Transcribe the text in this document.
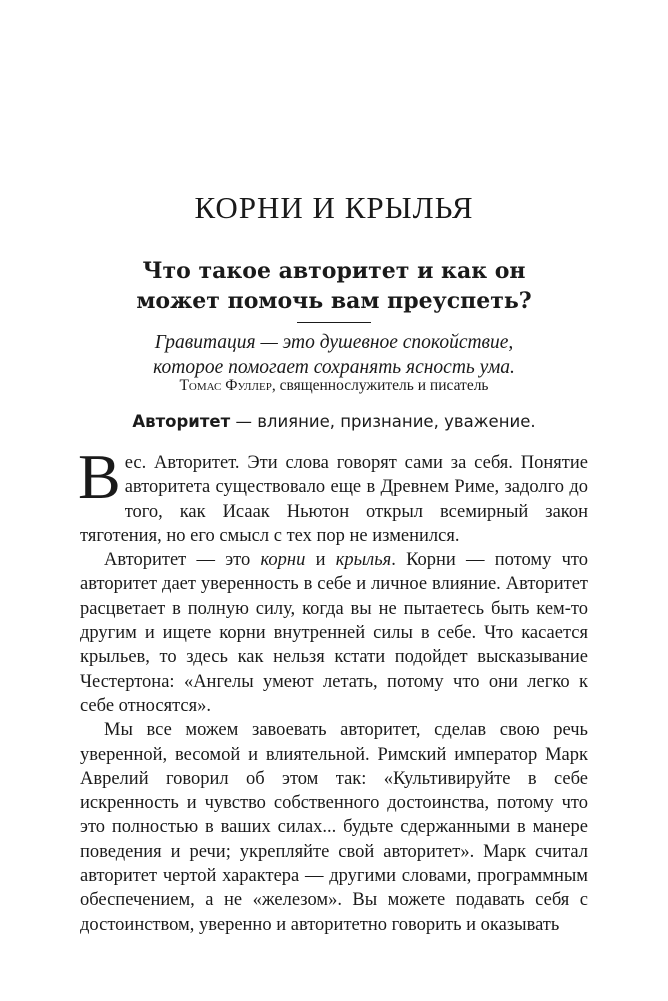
КОРНИ И КРЫЛЬЯ
Что такое авторитет и как он
может помочь вам преуспеть?
Гравитация — это душевное спокойствие,
которое помогает сохранять ясность ума.
Томас Фуллер, священнослужитель и писатель
Авторитет — влияние, признание, уважение.

Вес. Авторитет. Эти слова говорят сами за себя. Понятие авторитета существовало еще в Древнем Риме, задолго до того, как Исаак Ньютон открыл всемирный закон тяготения, но его смысл с тех пор не изменился.

Авторитет — это корни и крылья. Корни — потому что авторитет дает уверенность в себе и личное влияние. Авторитет расцветает в полную силу, когда вы не пытаетесь быть кем-то другим и ищете корни внутренней силы в себе. Что касается крыльев, то здесь как нельзя кстати подойдет высказывание Честертона: «Ангелы умеют летать, потому что они легко к себе относятся».

Мы все можем завоевать авторитет, сделав свою речь уверенной, весомой и влиятельной. Римский император Марк Аврелий говорил об этом так: «Культивируйте в себе искренность и чувство собственного достоинства, потому что это полностью в ваших силах... будьте сдержанными в манере поведения и речи; укрепляйте свой авторитет». Марк считал авторитет чертой характера — другими словами, программным обеспечением, а не «железом». Вы можете подавать себя с достоинством, уверенно и авторитетно говорить и оказывать
